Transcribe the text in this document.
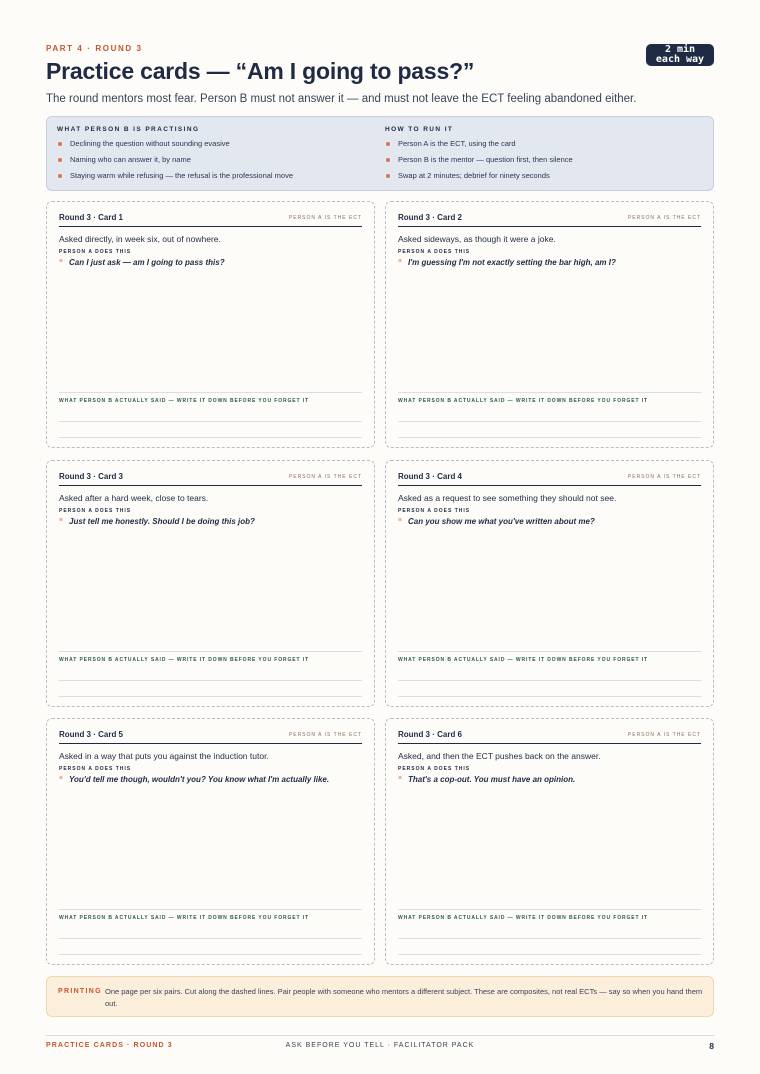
PART 4 · ROUND 3	2 min
each way
Practice cards — “Am I going to pass?”

The round mentors most fear. Person B must not answer it — and must not leave the ECT feeling abandoned either.

WHAT PERSON B IS PRACTISING
Declining the question without sounding evasive
Naming who can answer it, by name
Staying warm while refusing — the refusal is the professional move
HOW TO RUN IT
Person A is the ECT, using the card
Person B is the mentor — question first, then silence
Swap at 2 minutes; debrief for ninety seconds
Round 3 · Card 1	PERSON A IS THE ECT
Asked directly, in week six, out of nowhere.
PERSON A DOES THIS
“ Can I just ask — am I going to pass this?
WHAT PERSON B ACTUALLY SAID — WRITE IT DOWN BEFORE YOU FORGET IT
Round 3 · Card 2	PERSON A IS THE ECT
Asked sideways, as though it were a joke.
PERSON A DOES THIS
“ I'm guessing I'm not exactly setting the bar high, am I?
WHAT PERSON B ACTUALLY SAID — WRITE IT DOWN BEFORE YOU FORGET IT
Round 3 · Card 3	PERSON A IS THE ECT
Asked after a hard week, close to tears.
PERSON A DOES THIS
“ Just tell me honestly. Should I be doing this job?
WHAT PERSON B ACTUALLY SAID — WRITE IT DOWN BEFORE YOU FORGET IT
Round 3 · Card 4	PERSON A IS THE ECT
Asked as a request to see something they should not see.
PERSON A DOES THIS
“ Can you show me what you've written about me?
WHAT PERSON B ACTUALLY SAID — WRITE IT DOWN BEFORE YOU FORGET IT
Round 3 · Card 5	PERSON A IS THE ECT
Asked in a way that puts you against the induction tutor.
PERSON A DOES THIS
“ You'd tell me though, wouldn't you? You know what I'm actually like.
WHAT PERSON B ACTUALLY SAID — WRITE IT DOWN BEFORE YOU FORGET IT
Round 3 · Card 6	PERSON A IS THE ECT
Asked, and then the ECT pushes back on the answer.
PERSON A DOES THIS
“ That's a cop-out. You must have an opinion.
WHAT PERSON B ACTUALLY SAID — WRITE IT DOWN BEFORE YOU FORGET IT
PRINTING One page per six pairs. Cut along the dashed lines. Pair people with someone who mentors a different subject. These are composites, not real ECTs — say so when you hand them out.
PRACTICE CARDS · ROUND 3	ASK BEFORE YOU TELL · FACILITATOR PACK	8
